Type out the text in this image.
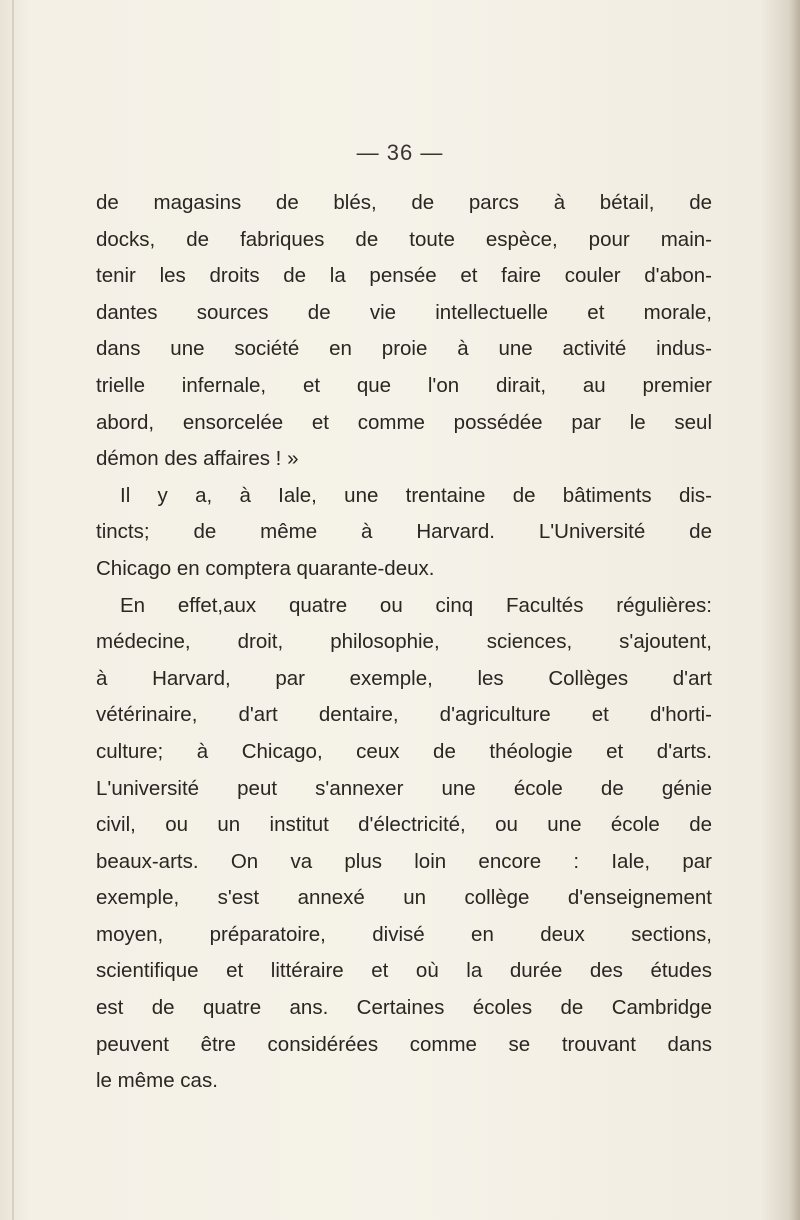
— 36 —
de magasins de blés, de parcs à bétail, de
docks, de fabriques de toute espèce, pour main-
tenir les droits de la pensée et faire couler d'abon-
dantes sources de vie intellectuelle et morale,
dans une société en proie à une activité indus-
trielle infernale, et que l'on dirait, au premier
abord, ensorcelée et comme possédée par le seul
démon des affaires ! »
Il y a, à Iale, une trentaine de bâtiments dis-
tincts; de même à Harvard. L'Université de
Chicago en comptera quarante-deux.
En effet,aux quatre ou cinq Facultés régulières:
médecine, droit, philosophie, sciences, s'ajoutent,
à Harvard, par exemple, les Collèges d'art
vétérinaire, d'art dentaire, d'agriculture et d'horti-
culture; à Chicago, ceux de théologie et d'arts.
L'université peut s'annexer une école de génie
civil, ou un institut d'électricité, ou une école de
beaux-arts. On va plus loin encore : Iale, par
exemple, s'est annexé un collège d'enseignement
moyen, préparatoire, divisé en deux sections,
scientifique et littéraire et où la durée des études
est de quatre ans. Certaines écoles de Cambridge
peuvent être considérées comme se trouvant dans
le même cas.
